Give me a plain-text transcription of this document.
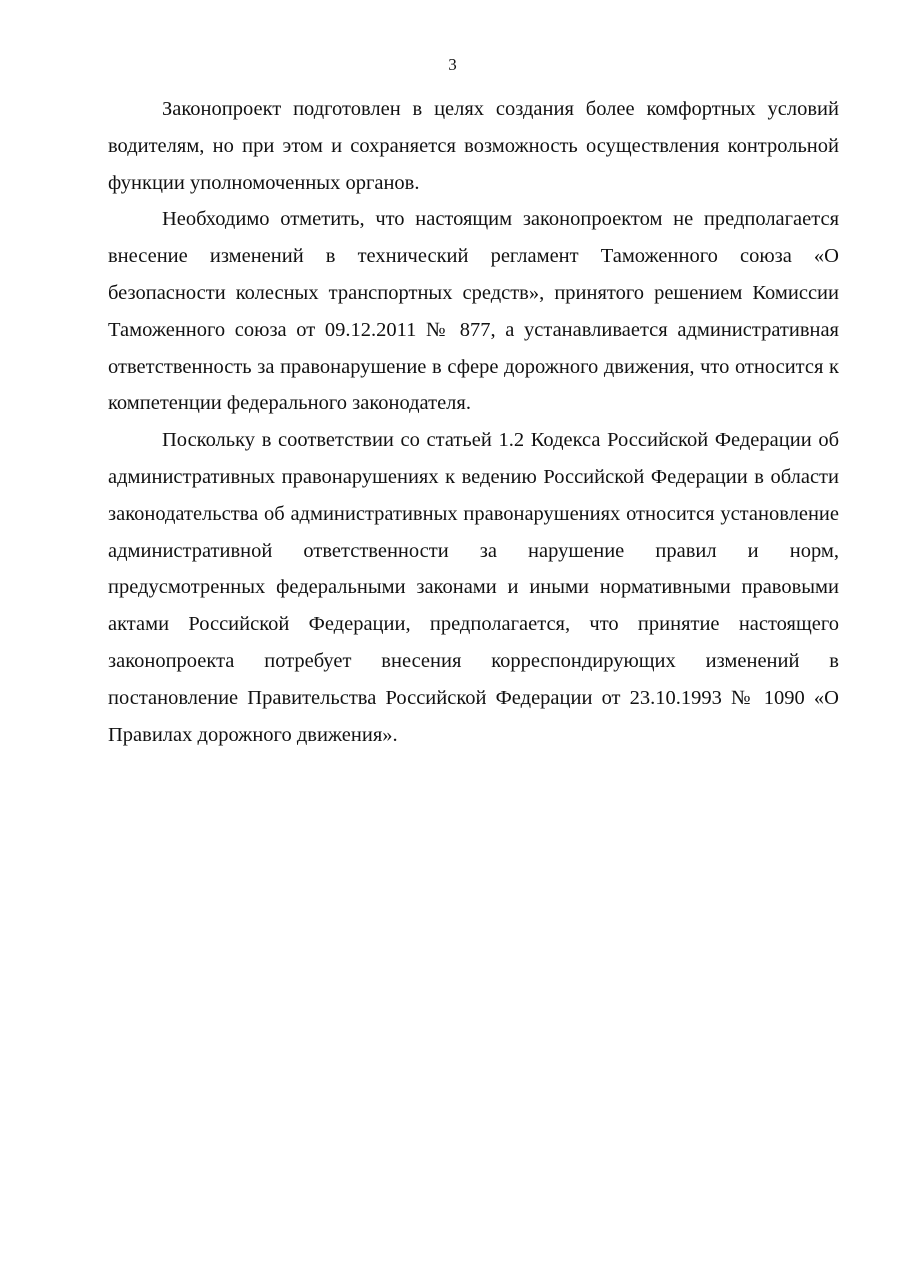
3

Законопроект подготовлен в целях создания более комфортных условий водителям, но при этом и сохраняется возможность осуществления контрольной функции уполномоченных органов.

Необходимо отметить, что настоящим законопроектом не предполагается внесение изменений в технический регламент Таможенного союза «О безопасности колесных транспортных средств», принятого решением Комиссии Таможенного союза от 09.12.2011 № 877, а устанавливается административная ответственность за правонарушение в сфере дорожного движения, что относится к компетенции федерального законодателя.

Поскольку в соответствии со статьей 1.2 Кодекса Российской Федерации об административных правонарушениях к ведению Российской Федерации в области законодательства об административных правонарушениях относится установление административной ответственности за нарушение правил и норм, предусмотренных федеральными законами и иными нормативными правовыми актами Российской Федерации, предполагается, что принятие настоящего законопроекта потребует внесения корреспондирующих изменений в постановление Правительства Российской Федерации от 23.10.1993 № 1090 «О Правилах дорожного движения».
